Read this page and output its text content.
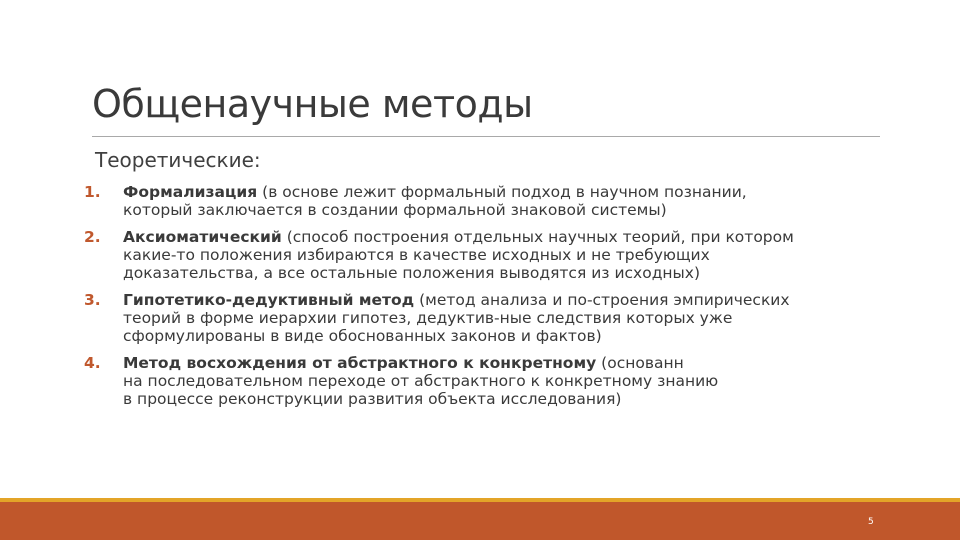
Общенаучные методы
Теоретические:
1. Формализация (в основе лежит формальный подход в научном познании,
который заключается в создании формальной знаковой системы)
2. Аксиоматический (способ построения отдельных научных теорий, при котором
какие-то положения избираются в качестве исходных и не требующих
доказательства, а все остальные положения выводятся из исходных)
3. Гипотетико-дедуктивный метод (метод анализа и по-строения эмпирических
теорий в форме иерархии гипотез, дедуктив-ные следствия которых уже
сформулированы в виде обоснованных законов и фактов)
4. Метод восхождения от абстрактного к конкретному (основанн
на последовательном переходе от абстрактного к конкретному знанию
в процессе реконструкции развития объекта исследования)
5
